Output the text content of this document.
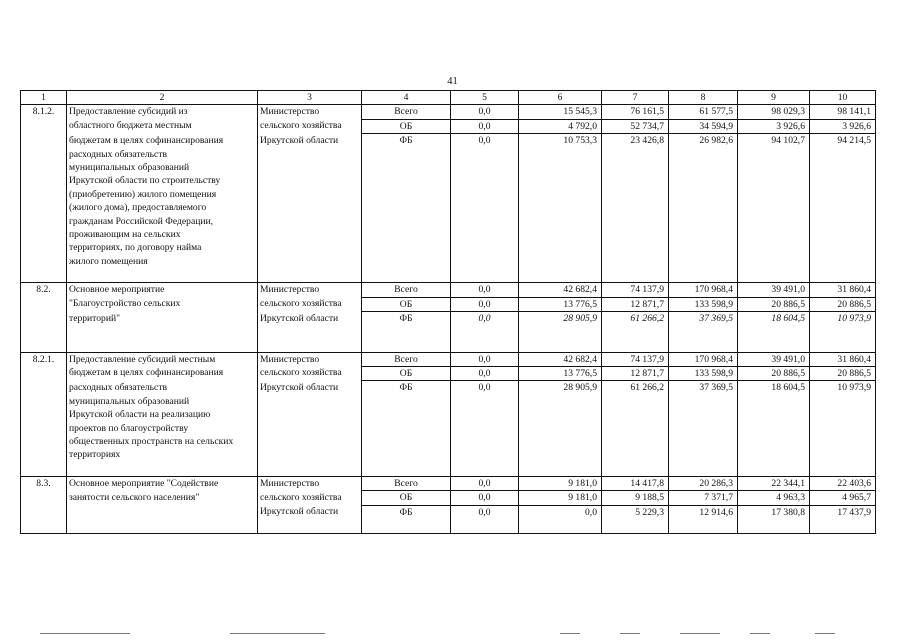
41
1	2	3	4	5	6	7	8	9	10
8.1.2.	Предоставление субсидий из	Министерство	Всего	0,0	15 545,3	76 161,5	61 577,5	98 029,3	98 141,1
	областного бюджета местным	сельского хозяйства	ОБ	0,0	4 792,0	52 734,7	34 594,9	3 926,6	3 926,6
	бюджетам в целях софинансирования	Иркутской области	ФБ	0,0	10 753,3	23 426,8	26 982,6	94 102,7	94 214,5
	расходных обязательств								
	муниципальных образований								
	Иркутской области по строительству								
	(приобретению) жилого помещения								
	(жилого дома), предоставляемого								
	гражданам Российской Федерации,								
	проживающим на сельских								
	территориях, по договору найма								
	жилого помещения								

8.2.	Основное мероприятие	Министерство	Всего	0,0	42 682,4	74 137,9	170 968,4	39 491,0	31 860,4
	"Благоустройство сельских	сельского хозяйства	ОБ	0,0	13 776,5	12 871,7	133 598,9	20 886,5	20 886,5
	территорий"	Иркутской области	ФБ	0,0	28 905,9	61 266,2	37 369,5	18 604,5	10 973,9

8.2.1.	Предоставление субсидий местным	Министерство	Всего	0,0	42 682,4	74 137,9	170 968,4	39 491,0	31 860,4
	бюджетам в целях софинансирования	сельского хозяйства	ОБ	0,0	13 776,5	12 871,7	133 598,9	20 886,5	20 886,5
	расходных обязательств	Иркутской области	ФБ	0,0	28 905,9	61 266,2	37 369,5	18 604,5	10 973,9
	муниципальных образований								
	Иркутской области на реализацию								
	проектов по благоустройству								
	общественных пространств на сельских								
	территориях								

8.3.	Основное мероприятие "Содействие	Министерство	Всего	0,0	9 181,0	14 417,8	20 286,3	22 344,1	22 403,6
	занятости сельского населения"	сельского хозяйства	ОБ	0,0	9 181,0	9 188,5	7 371,7	4 963,3	4 965,7
		Иркутской области	ФБ	0,0	0,0	5 229,3	12 914,6	17 380,8	17 437,9
